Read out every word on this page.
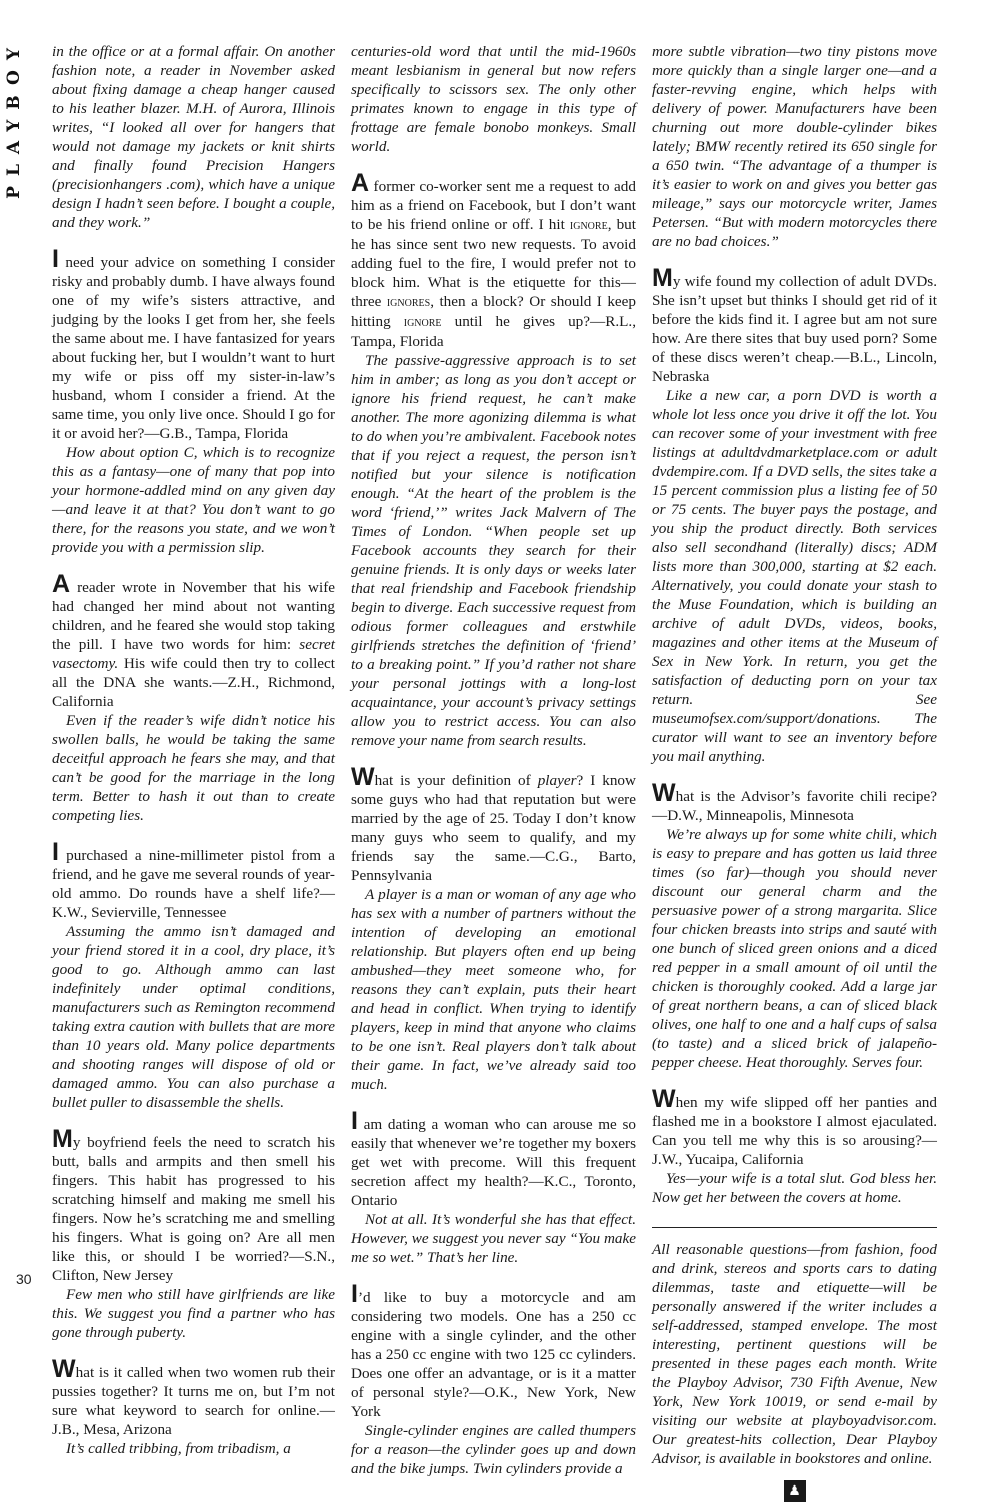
PLAYBOY
30

in the office or at a formal affair. On another fashion note, a reader in November asked about fixing damage a cheap hanger caused to his leather blazer. M.H. of Aurora, Illinois writes, “I looked all over for hangers that would not damage my jackets or knit shirts and finally found Precision Hangers (precisionhangers .com), which have a unique design I hadn’t seen before. I bought a couple, and they work.”

I need your advice on something I consider risky and probably dumb. I have always found one of my wife’s sisters attractive, and judging by the looks I get from her, she feels the same about me. I have fantasized for years about fucking her, but I wouldn’t want to hurt my wife or piss off my sister-in-law’s husband, whom I consider a friend. At the same time, you only live once. Should I go for it or avoid her?—G.B., Tampa, Florida

How about option C, which is to recognize this as a fantasy—one of many that pop into your hormone-addled mind on any given day—and leave it at that? You don’t want to go there, for the reasons you state, and we won’t provide you with a permission slip.

A reader wrote in November that his wife had changed her mind about not wanting children, and he feared she would stop taking the pill. I have two words for him: secret vasectomy. His wife could then try to collect all the DNA she wants.—Z.H., Richmond, California

Even if the reader’s wife didn’t notice his swollen balls, he would be taking the same deceitful approach he fears she may, and that can’t be good for the marriage in the long term. Better to hash it out than to create competing lies.

I purchased a nine-millimeter pistol from a friend, and he gave me several rounds of year-old ammo. Do rounds have a shelf life?—K.W., Sevierville, Tennessee

Assuming the ammo isn’t damaged and your friend stored it in a cool, dry place, it’s good to go. Although ammo can last indefinitely under optimal conditions, manufacturers such as Remington recommend taking extra caution with bullets that are more than 10 years old. Many police departments and shooting ranges will dispose of old or damaged ammo. You can also purchase a bullet puller to disassemble the shells.

My boyfriend feels the need to scratch his butt, balls and armpits and then smell his fingers. This habit has progressed to his scratching himself and making me smell his fingers. Now he’s scratching me and smelling his fingers. What is going on? Are all men like this, or should I be worried?—S.N., Clifton, New Jersey

Few men who still have girlfriends are like this. We suggest you find a partner who has gone through puberty.

What is it called when two women rub their pussies together? It turns me on, but I’m not sure what keyword to search for online.—J.B., Mesa, Arizona

It’s called tribbing, from tribadism, a

centuries-old word that until the mid-1960s meant lesbianism in general but now refers specifically to scissors sex. The only other primates known to engage in this type of frottage are female bonobo monkeys. Small world.

A former co-worker sent me a request to add him as a friend on Facebook, but I don’t want to be his friend online or off. I hit ignore, but he has since sent two new requests. To avoid adding fuel to the fire, I would prefer not to block him. What is the etiquette for this—three ignores, then a block? Or should I keep hitting ignore until he gives up?—R.L., Tampa, Florida

The passive-aggressive approach is to set him in amber; as long as you don’t accept or ignore his friend request, he can’t make another. The more agonizing dilemma is what to do when you’re ambivalent. Facebook notes that if you reject a request, the person isn’t notified but your silence is notification enough. “At the heart of the problem is the word ‘friend,’” writes Jack Malvern of The Times of London. “When people set up Facebook accounts they search for their genuine friends. It is only days or weeks later that real friendship and Facebook friendship begin to diverge. Each successive request from odious former colleagues and erstwhile girlfriends stretches the definition of ‘friend’ to a breaking point.” If you’d rather not share your personal jottings with a long-lost acquaintance, your account’s privacy settings allow you to restrict access. You can also remove your name from search results.

What is your definition of player? I know some guys who had that reputation but were married by the age of 25. Today I don’t know many guys who seem to qualify, and my friends say the same.—C.G., Barto, Pennsylvania

A player is a man or woman of any age who has sex with a number of partners without the intention of developing an emotional relationship. But players often end up being ambushed—they meet someone who, for reasons they can’t explain, puts their heart and head in conflict. When trying to identify players, keep in mind that anyone who claims to be one isn’t. Real players don’t talk about their game. In fact, we’ve already said too much.

I am dating a woman who can arouse me so easily that whenever we’re together my boxers get wet with precome. Will this frequent secretion affect my health?—K.C., Toronto, Ontario

Not at all. It’s wonderful she has that effect. However, we suggest you never say “You make me so wet.” That’s her line.

I’d like to buy a motorcycle and am considering two models. One has a 250 cc engine with a single cylinder, and the other has a 250 cc engine with two 125 cc cylinders. Does one offer an advantage, or is it a matter of personal style?—O.K., New York, New York

Single-cylinder engines are called thumpers for a reason—the cylinder goes up and down and the bike jumps. Twin cylinders provide a

more subtle vibration—two tiny pistons move more quickly than a single larger one—and a faster-revving engine, which helps with delivery of power. Manufacturers have been churning out more double-cylinder bikes lately; BMW recently retired its 650 single for a 650 twin. “The advantage of a thumper is it’s easier to work on and gives you better gas mileage,” says our motorcycle writer, James Petersen. “But with modern motorcycles there are no bad choices.”

My wife found my collection of adult DVDs. She isn’t upset but thinks I should get rid of it before the kids find it. I agree but am not sure how. Are there sites that buy used porn? Some of these discs weren’t cheap.—B.L., Lincoln, Nebraska

Like a new car, a porn DVD is worth a whole lot less once you drive it off the lot. You can recover some of your investment with free listings at adultdvdmarketplace.com or adult dvdempire.com. If a DVD sells, the sites take a 15 percent commission plus a listing fee of 50 or 75 cents. The buyer pays the postage, and you ship the product directly. Both services also sell secondhand (literally) discs; ADM lists more than 300,000, starting at $2 each. Alternatively, you could donate your stash to the Muse Foundation, which is building an archive of adult DVDs, videos, books, magazines and other items at the Museum of Sex in New York. In return, you get the satisfaction of deducting porn on your tax return. See museumofsex.com/support/donations. The curator will want to see an inventory before you mail anything.

What is the Advisor’s favorite chili recipe?—D.W., Minneapolis, Minnesota

We’re always up for some white chili, which is easy to prepare and has gotten us laid three times (so far)—though you should never discount our general charm and the persuasive power of a strong margarita. Slice four chicken breasts into strips and sauté with one bunch of sliced green onions and a diced red pepper in a small amount of oil until the chicken is thoroughly cooked. Add a large jar of great northern beans, a can of sliced black olives, one half to one and a half cups of salsa (to taste) and a sliced brick of jalapeño-pepper cheese. Heat thoroughly. Serves four.

When my wife slipped off her panties and flashed me in a bookstore I almost ejaculated. Can you tell me why this is so arousing?—J.W., Yucaipa, California

Yes—your wife is a total slut. God bless her. Now get her between the covers at home.

All reasonable questions—from fashion, food and drink, stereos and sports cars to dating dilemmas, taste and etiquette—will be personally answered if the writer includes a self-addressed, stamped envelope. The most interesting, pertinent questions will be presented in these pages each month. Write the Playboy Advisor, 730 Fifth Avenue, New York, New York 10019, or send e-mail by visiting our website at playboyadvisor.com. Our greatest-hits collection, Dear Playboy Advisor, is available in bookstores and online.

♟
